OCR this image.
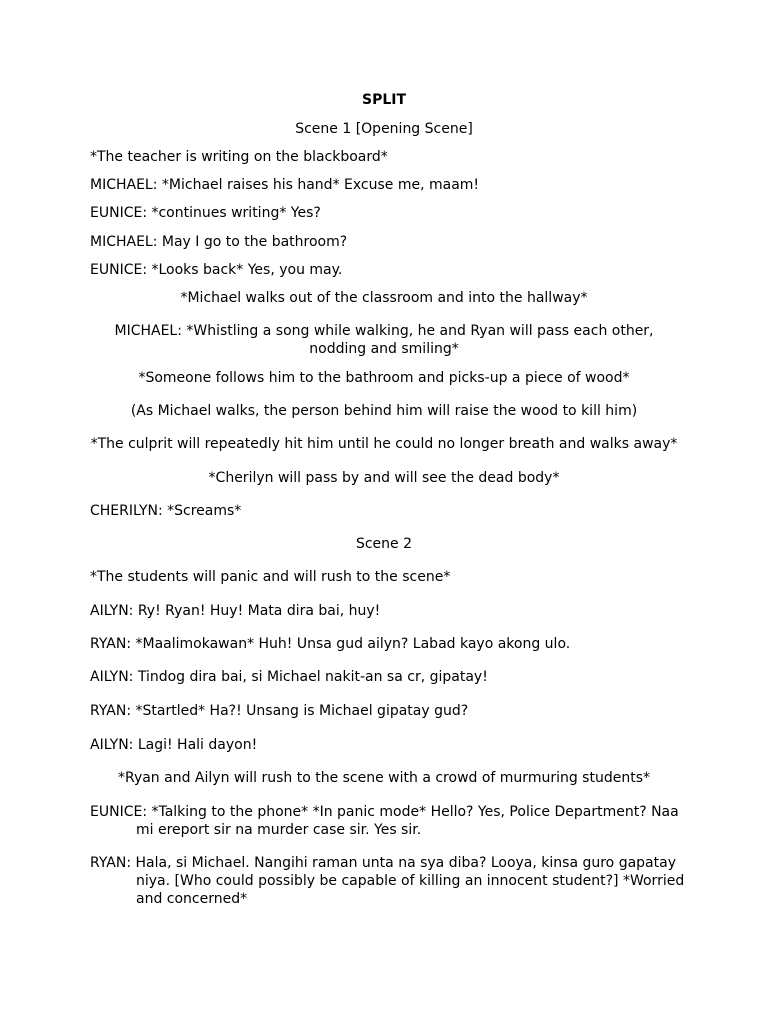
SPLIT
Scene 1 [Opening Scene]
*The teacher is writing on the blackboard*
MICHAEL: *Michael raises his hand* Excuse me, maam!
EUNICE: *continues writing* Yes?
MICHAEL: May I go to the bathroom?
EUNICE: *Looks back* Yes, you may.
*Michael walks out of the classroom and into the hallway*
MICHAEL: *Whistling a song while walking, he and Ryan will pass each other,
nodding and smiling*
*Someone follows him to the bathroom and picks-up a piece of wood*
(As Michael walks, the person behind him will raise the wood to kill him)
*The culprit will repeatedly hit him until he could no longer breath and walks away*
*Cherilyn will pass by and will see the dead body*
CHERILYN: *Screams*
Scene 2
*The students will panic and will rush to the scene*
AILYN: Ry! Ryan! Huy! Mata dira bai, huy!
RYAN: *Maalimokawan* Huh! Unsa gud ailyn? Labad kayo akong ulo.
AILYN: Tindog dira bai, si Michael nakit-an sa cr, gipatay!
RYAN: *Startled* Ha?! Unsang is Michael gipatay gud?
AILYN: Lagi! Hali dayon!
*Ryan and Ailyn will rush to the scene with a crowd of murmuring students*
EUNICE: *Talking to the phone* *In panic mode* Hello? Yes, Police Department? Naa
mi ereport sir na murder case sir. Yes sir.
RYAN: Hala, si Michael. Nangihi raman unta na sya diba? Looya, kinsa guro gapatay
niya. [Who could possibly be capable of killing an innocent student?] *Worried
and concerned*
